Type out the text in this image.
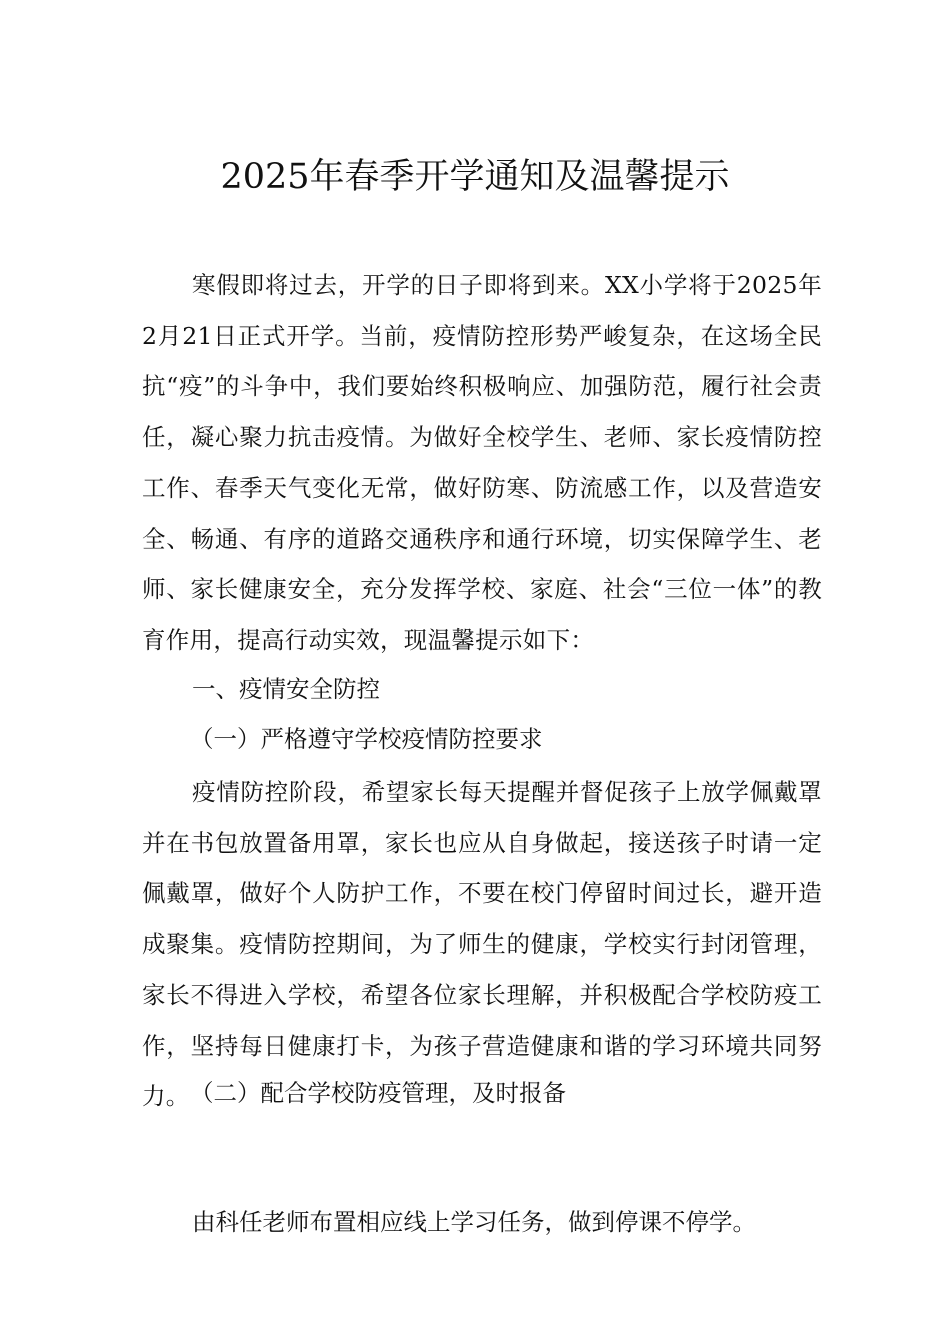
2025年春季开学通知及温馨提示
寒假即将过去，开学的日子即将到来。XX小学将于2025年2月21日正式开学。当前，疫情防控形势严峻复杂，在这场全民抗“疫”的斗争中，我们要始终积极响应、加强防范，履行社会责任，凝心聚力抗击疫情。为做好全校学生、老师、家长疫情防控工作、春季天气变化无常，做好防寒、防流感工作，以及营造安全、畅通、有序的道路交通秩序和通行环境，切实保障学生、老师、家长健康安全，充分发挥学校、家庭、社会“三位一体”的教育作用，提高行动实效，现温馨提示如下：
一、疫情安全防控
（一）严格遵守学校疫情防控要求
疫情防控阶段，希望家长每天提醒并督促孩子上放学佩戴罩并在书包放置备用罩，家长也应从自身做起，接送孩子时请一定佩戴罩，做好个人防护工作，不要在校门停留时间过长，避开造成聚集。疫情防控期间，为了师生的健康，学校实行封闭管理，家长不得进入学校，希望各位家长理解，并积极配合学校防疫工作，坚持每日健康打卡，为孩子营造健康和谐的学习环境共同努力。 （二）配合学校防疫管理，及时报备
由科任老师布置相应线上学习任务，做到停课不停学。
